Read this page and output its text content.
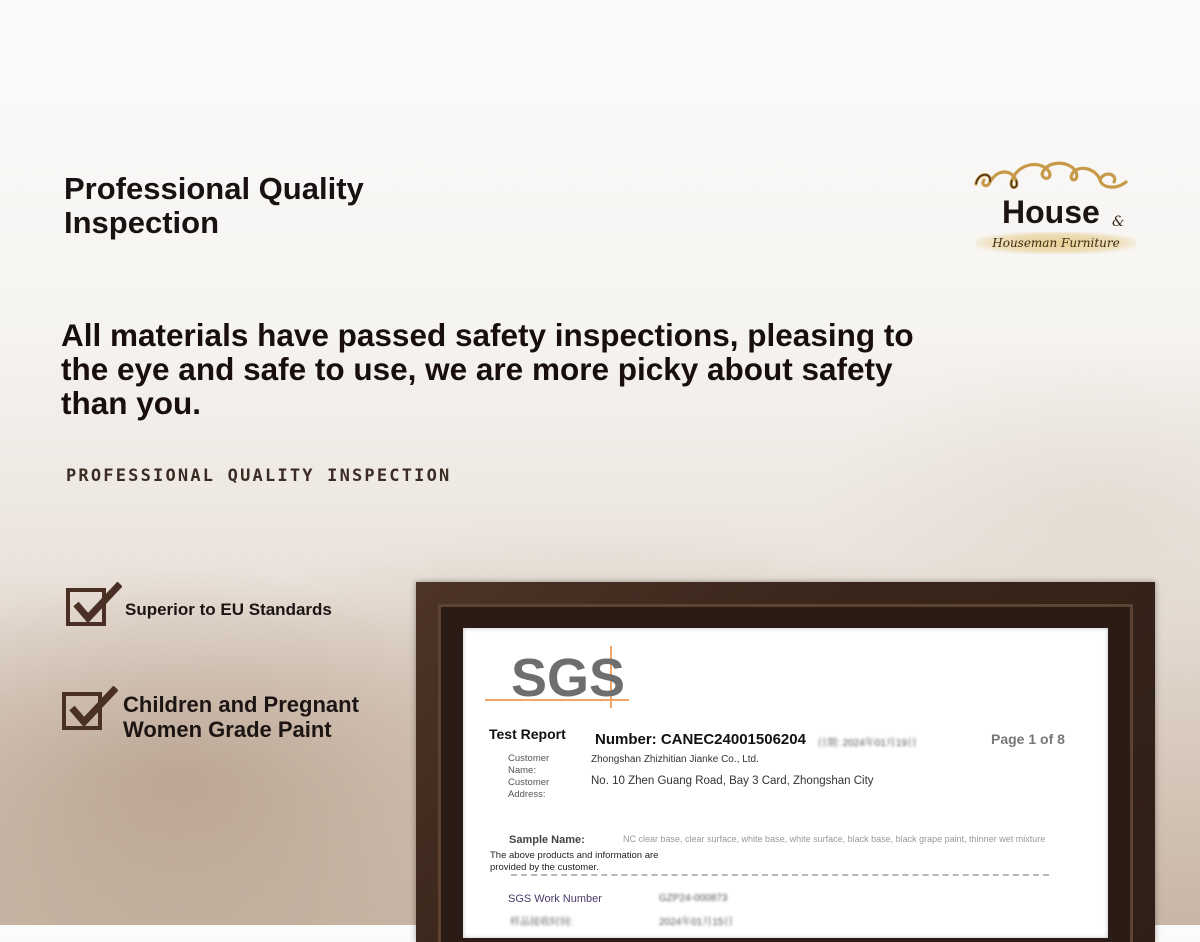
Professional Quality Inspection	House &
Houseman Furniture

All materials have passed safety inspections, pleasing to the eye and safe to use, we are more picky about safety than you.

PROFESSIONAL QUALITY INSPECTION
Superior to EU Standards
Children and Pregnant Women Grade Paint
SGS
Test Report Number: CANEC24001506204 日期: 2024年01月19日	Page 1 of 8
Customer Name:
Zhongshan Zhizhitian Jianke Co., Ltd.
Customer Address:
No. 10 Zhen Guang Road, Bay 3 Card, Zhongshan City
Sample Name:	NC clear base, clear surface, white base, white surface, black base, black grape paint, thinner wet mixture
The above products and information are provided by the customer.
SGS Work Number	GZP24-000873
样品接收时间:	2024年01月15日
